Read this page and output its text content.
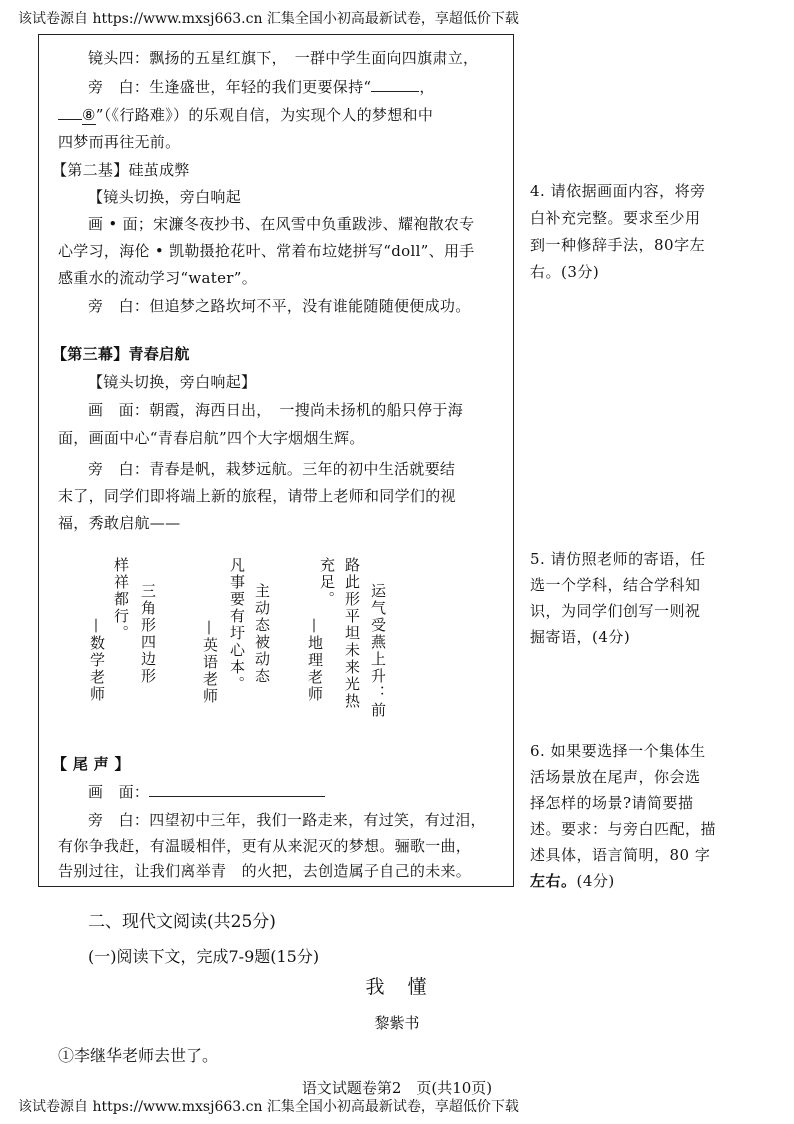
该试卷源自 https://www.mxsj663.cn 汇集全国小初高最新试卷，享超低价下载
镜头四：飘扬的五星红旗下，　一群中学生面向四旗肃立，
旁　白：生逢盛世，年轻的我们更要保持“	，
⑧”（《行路难》）的乐观自信，为实现个人的梦想和中
四梦而再往无前。
【第二基】硅茧成弊
【镜头切换，旁白响起
画 • 面；宋濂冬夜抄书、在风雪中负重跋涉、耀袍散农专
心学习，海伦 • 凯勒摄抢花叶、常着布垃姥拼写“doll”、用手
感重水的流动学习“water”。
旁　白：但追梦之路坎坷不平，没有谁能随随便便成功。
【第三幕】青春启航
【镜头切换，旁白响起】
画　面：朝霞，海西日出，　一搜尚未扬机的船只停于海
面，画面中心“青春启航”四个大字烟烟生辉。
旁　白：青春是帆，栽梦远航。三年的初中生活就要结
末了，同学们即将端上新的旅程，请带上老师和同学们的视
福，秀敢启航——
—数学老师
样祥都行。 三角形四边形	—英语老师 凡事要有圩心本。 主动态被动态 —地理老师
充足。 路此形平坦未来光热 运气受燕上升：前
【 尾 声 】
画　面：
旁　白：四望初中三年，我们一路走来，有过笑，有过泪，
有你争我赶，有温暖相伴，更有从来泥灭的梦想。骊歌一曲，
告别过往，让我们离举青　的火把，去创造属子自己的未来。
4. 请依据画面内容，将旁
白补充完整。要求至少用
到一种修辞手法，80字左
右。(3分)
5. 请仿照老师的寄语，任
选一个学科，结合学科知
识，为同学们创写一则祝
掘寄语，(4分)
6. 如果要选择一个集体生
活场景放在尾声，你会选
择怎样的场景?请简要描
述。要求：与旁白匹配，描
述具体，语言简明，80 字
左右。(4分)
二、现代文阅读(共25分)
(一)阅读下文，完成7-9题(15分)
我　懂
黎紫书
①李继华老师去世了。
语文试题卷第2　页(共10页)
该试卷源自 https://www.mxsj663.cn 汇集全国小初高最新试卷，享超低价下载
